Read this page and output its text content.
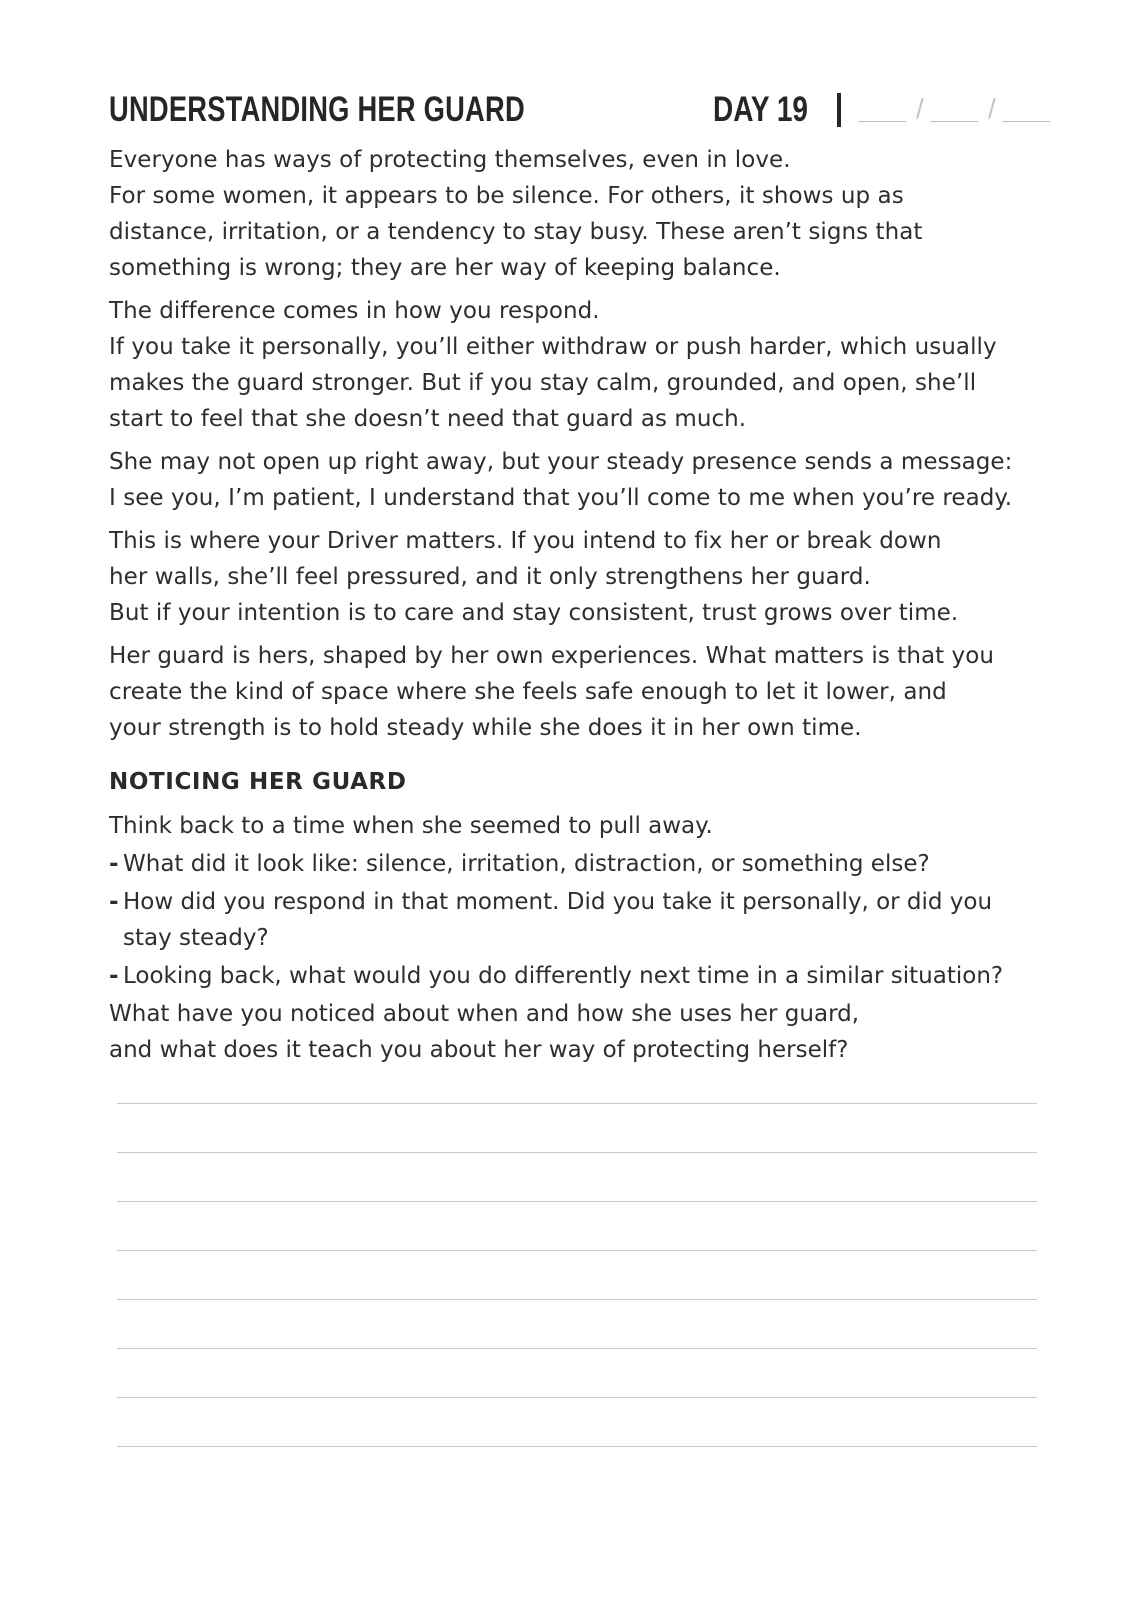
UNDERSTANDING HER GUARD	DAY 19	/ /

Everyone has ways of protecting themselves, even in love.
For some women, it appears to be silence. For others, it shows up as
distance, irritation, or a tendency to stay busy. These aren’t signs that
something is wrong; they are her way of keeping balance.

The difference comes in how you respond.
If you take it personally, you’ll either withdraw or push harder, which usually
makes the guard stronger. But if you stay calm, grounded, and open, she’ll
start to feel that she doesn’t need that guard as much.

She may not open up right away, but your steady presence sends a message:
I see you, I’m patient, I understand that you’ll come to me when you’re ready.

This is where your Driver matters. If you intend to fix her or break down
her walls, she’ll feel pressured, and it only strengthens her guard.
But if your intention is to care and stay consistent, trust grows over time.

Her guard is hers, shaped by her own experiences. What matters is that you
create the kind of space where she feels safe enough to let it lower, and
your strength is to hold steady while she does it in her own time.

NOTICING HER GUARD
Think back to a time when she seemed to pull away.
- What did it look like: silence, irritation, distraction, or something else?
- How did you respond in that moment. Did you take it personally, or did you
stay steady?
- Looking back, what would you do differently next time in a similar situation?
What have you noticed about when and how she uses her guard,
and what does it teach you about her way of protecting herself?
